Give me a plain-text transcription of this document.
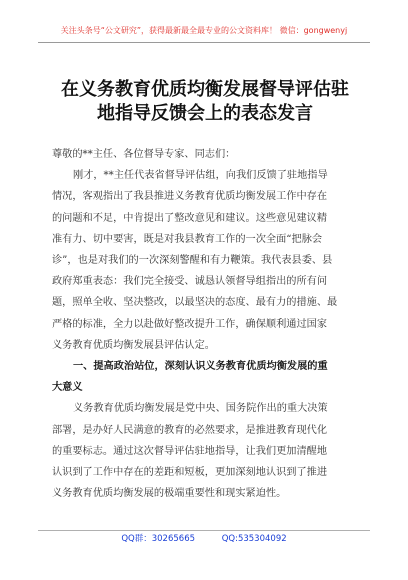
关注头条号“公文研究”，获得最新最全最专业的公文资料库！ 微信：gongwenyj
在义务教育优质均衡发展督导评估驻
地指导反馈会上的表态发言
尊敬的**主任、各位督导专家、同志们：

刚才，**主任代表省督导评估组，向我们反馈了驻地指导
情况，客观指出了我县推进义务教育优质均衡发展工作中存在
的问题和不足，中肯提出了整改意见和建议。这些意见建议精
准有力、切中要害，既是对我县教育工作的一次全面“把脉会
诊”，也是对我们的一次深刻警醒和有力鞭策。我代表县委、县
政府郑重表态：我们完全接受、诚恳认领督导组指出的所有问
题，照单全收、坚决整改，以最坚决的态度、最有力的措施、最
严格的标准，全力以赴做好整改提升工作，确保顺利通过国家
义务教育优质均衡发展县评估认定。

一、提高政治站位，深刻认识义务教育优质均衡发展的重
大意义

义务教育优质均衡发展是党中央、国务院作出的重大决策
部署，是办好人民满意的教育的必然要求，是推进教育现代化
的重要标志。通过这次督导评估驻地指导，让我们更加清醒地
认识到了工作中存在的差距和短板，更加深刻地认识到了推进
义务教育优质均衡发展的极端重要性和现实紧迫性。

QQ群：30265665	QQ:535304092
